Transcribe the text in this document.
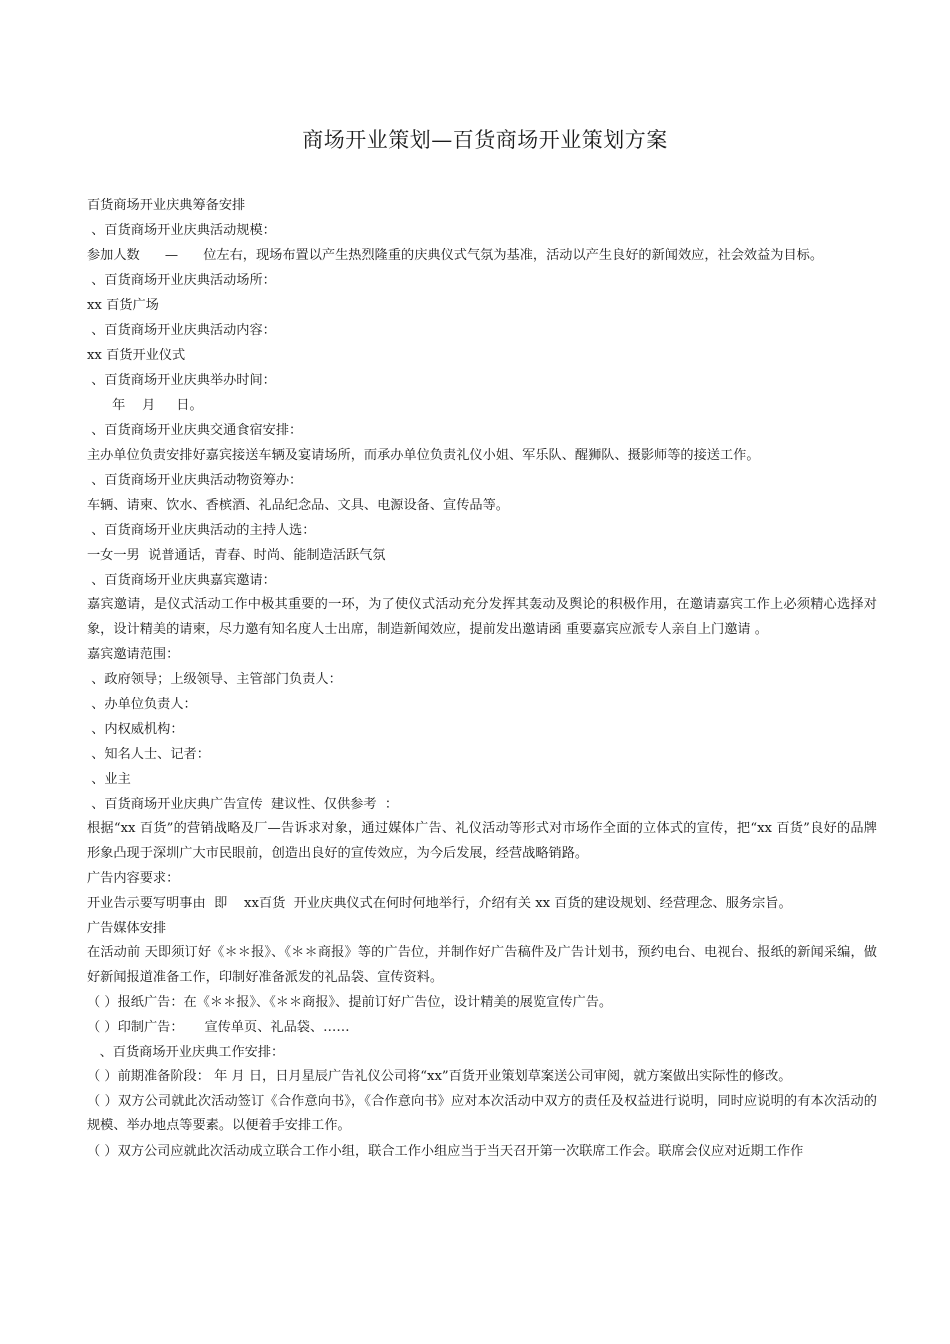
商场开业策划—百货商场开业策划方案
百货商场开业庆典筹备安排
、百货商场开业庆典活动规模：
参加人数      —      位左右，现场布置以产生热烈隆重的庆典仪式气氛为基准，活动以产生良好的新闻效应，社会效益为目标。
、百货商场开业庆典活动场所：
xx 百货广场
、百货商场开业庆典活动内容：
xx 百货开业仪式
、百货商场开业庆典举办时间：
年    月     日。
、百货商场开业庆典交通食宿安排：
主办单位负责安排好嘉宾接送车辆及宴请场所，而承办单位负责礼仪小姐、军乐队、醒狮队、摄影师等的接送工作。
、百货商场开业庆典活动物资筹办：
车辆、请柬、饮水、香槟酒、礼品纪念品、文具、电源设备、宣传品等。
、百货商场开业庆典活动的主持人选：
一女一男  说普通话，青春、时尚、能制造活跃气氛
、百货商场开业庆典嘉宾邀请：
嘉宾邀请，是仪式活动工作中极其重要的一环，为了使仪式活动充分发挥其轰动及舆论的积极作用，在邀请嘉宾工作上必须精心选择对象，设计精美的请柬，尽力邀有知名度人士出席，制造新闻效应，提前发出邀请函 重要嘉宾应派专人亲自上门邀请 。
嘉宾邀请范围：
、政府领导；上级领导、主管部门负责人：
、办单位负责人：
、内权威机构：
、知名人士、记者：
、业主
、百货商场开业庆典广告宣传  建议性、仅供参考  ：
根据“xx 百货”的营销战略及厂—告诉求对象，通过媒体广告、礼仪活动等形式对市场作全面的立体式的宣传，把“xx 百货”良好的品牌形象凸现于深圳广大市民眼前，创造出良好的宣传效应，为今后发展，经营战略销路。
广告内容要求：
开业告示要写明事由  即    xx百货  开业庆典仪式在何时何地举行，介绍有关 xx 百货的建设规划、经营理念、服务宗旨。
广告媒体安排
在活动前 天即须订好《＊＊报》、《＊＊商报》等的广告位，并制作好广告稿件及广告计划书，预约电台、电视台、报纸的新闻采编，做好新闻报道准备工作，印制好准备派发的礼品袋、宣传资料。
（ ）报纸广告：在《＊＊报》、《＊＊商报》、提前订好广告位，设计精美的展览宣传广告。
（ ）印制广告：     宣传单页、礼品袋、……
、百货商场开业庆典工作安排：
（ ）前期准备阶段： 年 月 日，日月星辰广告礼仪公司将“xx”百货开业策划草案送公司审阅，就方案做出实际性的修改。
（ ）双方公司就此次活动签订《合作意向书》，《合作意向书》应对本次活动中双方的责任及权益进行说明，同时应说明的有本次活动的规模、举办地点等要素。以便着手安排工作。
（ ）双方公司应就此次活动成立联合工作小组，联合工作小组应当于当天召开第一次联席工作会。联席会仪应对近期工作作
